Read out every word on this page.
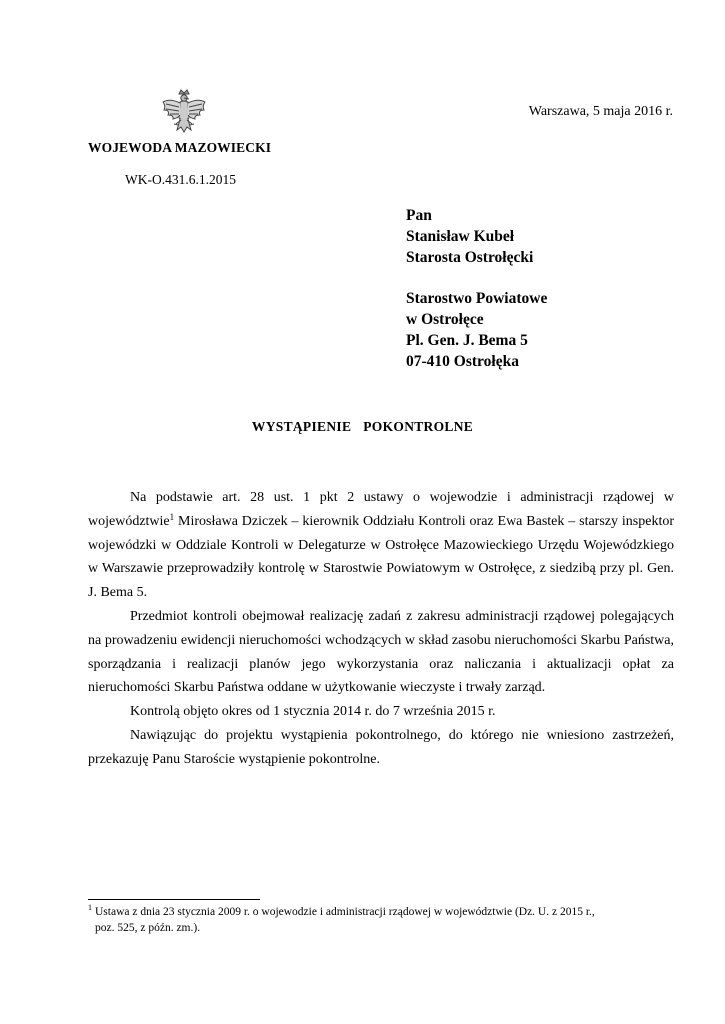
WOJEWODA MAZOWIECKI
WK-O.431.6.1.2015
Warszawa, 5 maja 2016 r.
Pan
Stanisław Kubeł
Starosta Ostrołęcki
Starostwo Powiatowe
w Ostrołęce
Pl. Gen. J. Bema 5
07-410 Ostrołęka
WYSTĄPIENIE POKONTROLNE

Na podstawie art. 28 ust. 1 pkt 2 ustawy o wojewodzie i administracji rządowej w województwie$^1$ Mirosława Dziczek – kierownik Oddziału Kontroli oraz Ewa Bastek – starszy inspektor wojewódzki w Oddziale Kontroli w Delegaturze w Ostrołęce Mazowieckiego Urzędu Wojewódzkiego w Warszawie przeprowadziły kontrolę w Starostwie Powiatowym w Ostrołęce, z siedzibą przy pl. Gen. J. Bema 5.

Przedmiot kontroli obejmował realizację zadań z zakresu administracji rządowej polegających na prowadzeniu ewidencji nieruchomości wchodzących w skład zasobu nieruchomości Skarbu Państwa, sporządzania i realizacji planów jego wykorzystania oraz naliczania i aktualizacji opłat za nieruchomości Skarbu Państwa oddane w użytkowanie wieczyste i trwały zarząd.

Kontrolą objęto okres od 1 stycznia 2014 r. do 7 września 2015 r.

Nawiązując do projektu wystąpienia pokontrolnego, do którego nie wniesiono zastrzeżeń, przekazuję Panu Staroście wystąpienie pokontrolne.

$^1$ Ustawa z dnia 23 stycznia 2009 r. o wojewodzie i administracji rządowej w województwie (Dz. U. z 2015 r.,
poz. 525, z późn. zm.).
